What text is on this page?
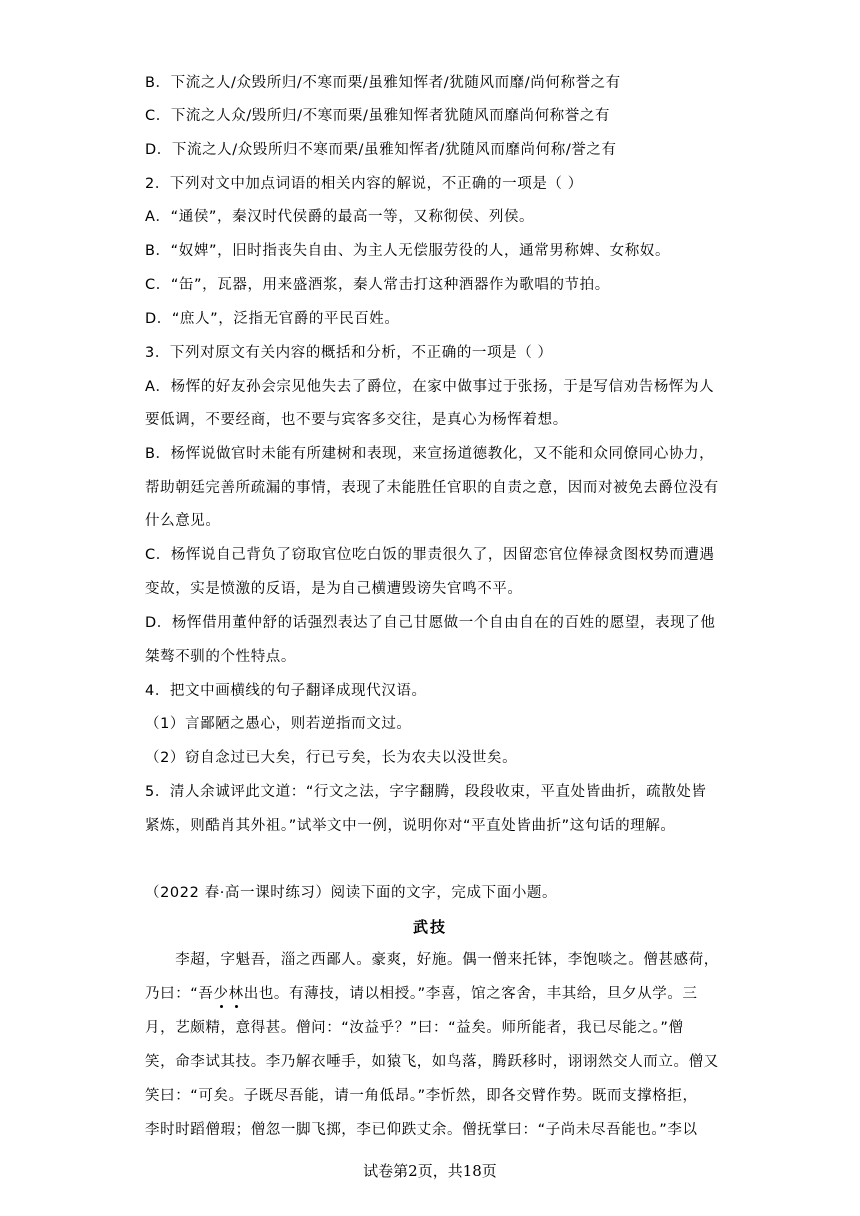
B．下流之人/众毁所归/不寒而栗/虽雅知恽者/犹随风而靡/尚何称誉之有
C．下流之人众/毁所归/不寒而栗/虽雅知恽者犹随风而靡尚何称誉之有
D．下流之人/众毁所归不寒而栗/虽雅知恽者/犹随风而靡尚何称/誉之有
2．下列对文中加点词语的相关内容的解说，不正确的一项是（ ）
A．“通侯”，秦汉时代侯爵的最高一等，又称彻侯、列侯。
B．“奴婢”，旧时指丧失自由、为主人无偿服劳役的人，通常男称婢、女称奴。
C．“缶”，瓦器，用来盛酒浆，秦人常击打这种酒器作为歌唱的节拍。
D．“庶人”，泛指无官爵的平民百姓。
3．下列对原文有关内容的概括和分析，不正确的一项是（ ）
A．杨恽的好友孙会宗见他失去了爵位，在家中做事过于张扬，于是写信劝告杨恽为人
要低调，不要经商，也不要与宾客多交往，是真心为杨恽着想。
B．杨恽说做官时未能有所建树和表现，来宣扬道德教化，又不能和众同僚同心协力，
帮助朝廷完善所疏漏的事情，表现了未能胜任官职的自责之意，因而对被免去爵位没有
什么意见。
C．杨恽说自己背负了窃取官位吃白饭的罪责很久了，因留恋官位俸禄贪图权势而遭遇
变故，实是愤激的反语，是为自己横遭毁谤失官鸣不平。
D．杨恽借用董仲舒的话强烈表达了自己甘愿做一个自由自在的百姓的愿望，表现了他
桀骜不驯的个性特点。
4．把文中画横线的句子翻译成现代汉语。
（1）言鄙陋之愚心，则若逆指而文过。
（2）窃自念过已大矣，行已亏矣，长为农夫以没世矣。
5．清人余诚评此文道：“行文之法，字字翻腾，段段收束，平直处皆曲折，疏散处皆
紧炼，则酷肖其外祖。”试举文中一例，说明你对“平直处皆曲折”这句话的理解。
（2022 春·高一课时练习）阅读下面的文字，完成下面小题。
武技
　　李超，字魁吾，淄之西鄙人。豪爽，好施。偶一僧来托钵，李饱啖之。僧甚感荷，
乃曰：“吾少林出也。有薄技，请以相授。”李喜，馆之客舍，丰其给，旦夕从学。三
月，艺颇精，意得甚。僧问：“汝益乎？”曰：“益矣。师所能者，我已尽能之。”僧
笑，命李试其技。李乃解衣唾手，如猿飞，如鸟落，腾跃移时，诩诩然交人而立。僧又
笑曰：“可矣。子既尽吾能，请一角低昂。”李忻然，即各交臂作势。既而支撑格拒，
李时时蹈僧瑕；僧忽一脚飞掷，李已仰跌丈余。僧抚掌曰：“子尚未尽吾能也。”李以
试卷第2页，共18页
